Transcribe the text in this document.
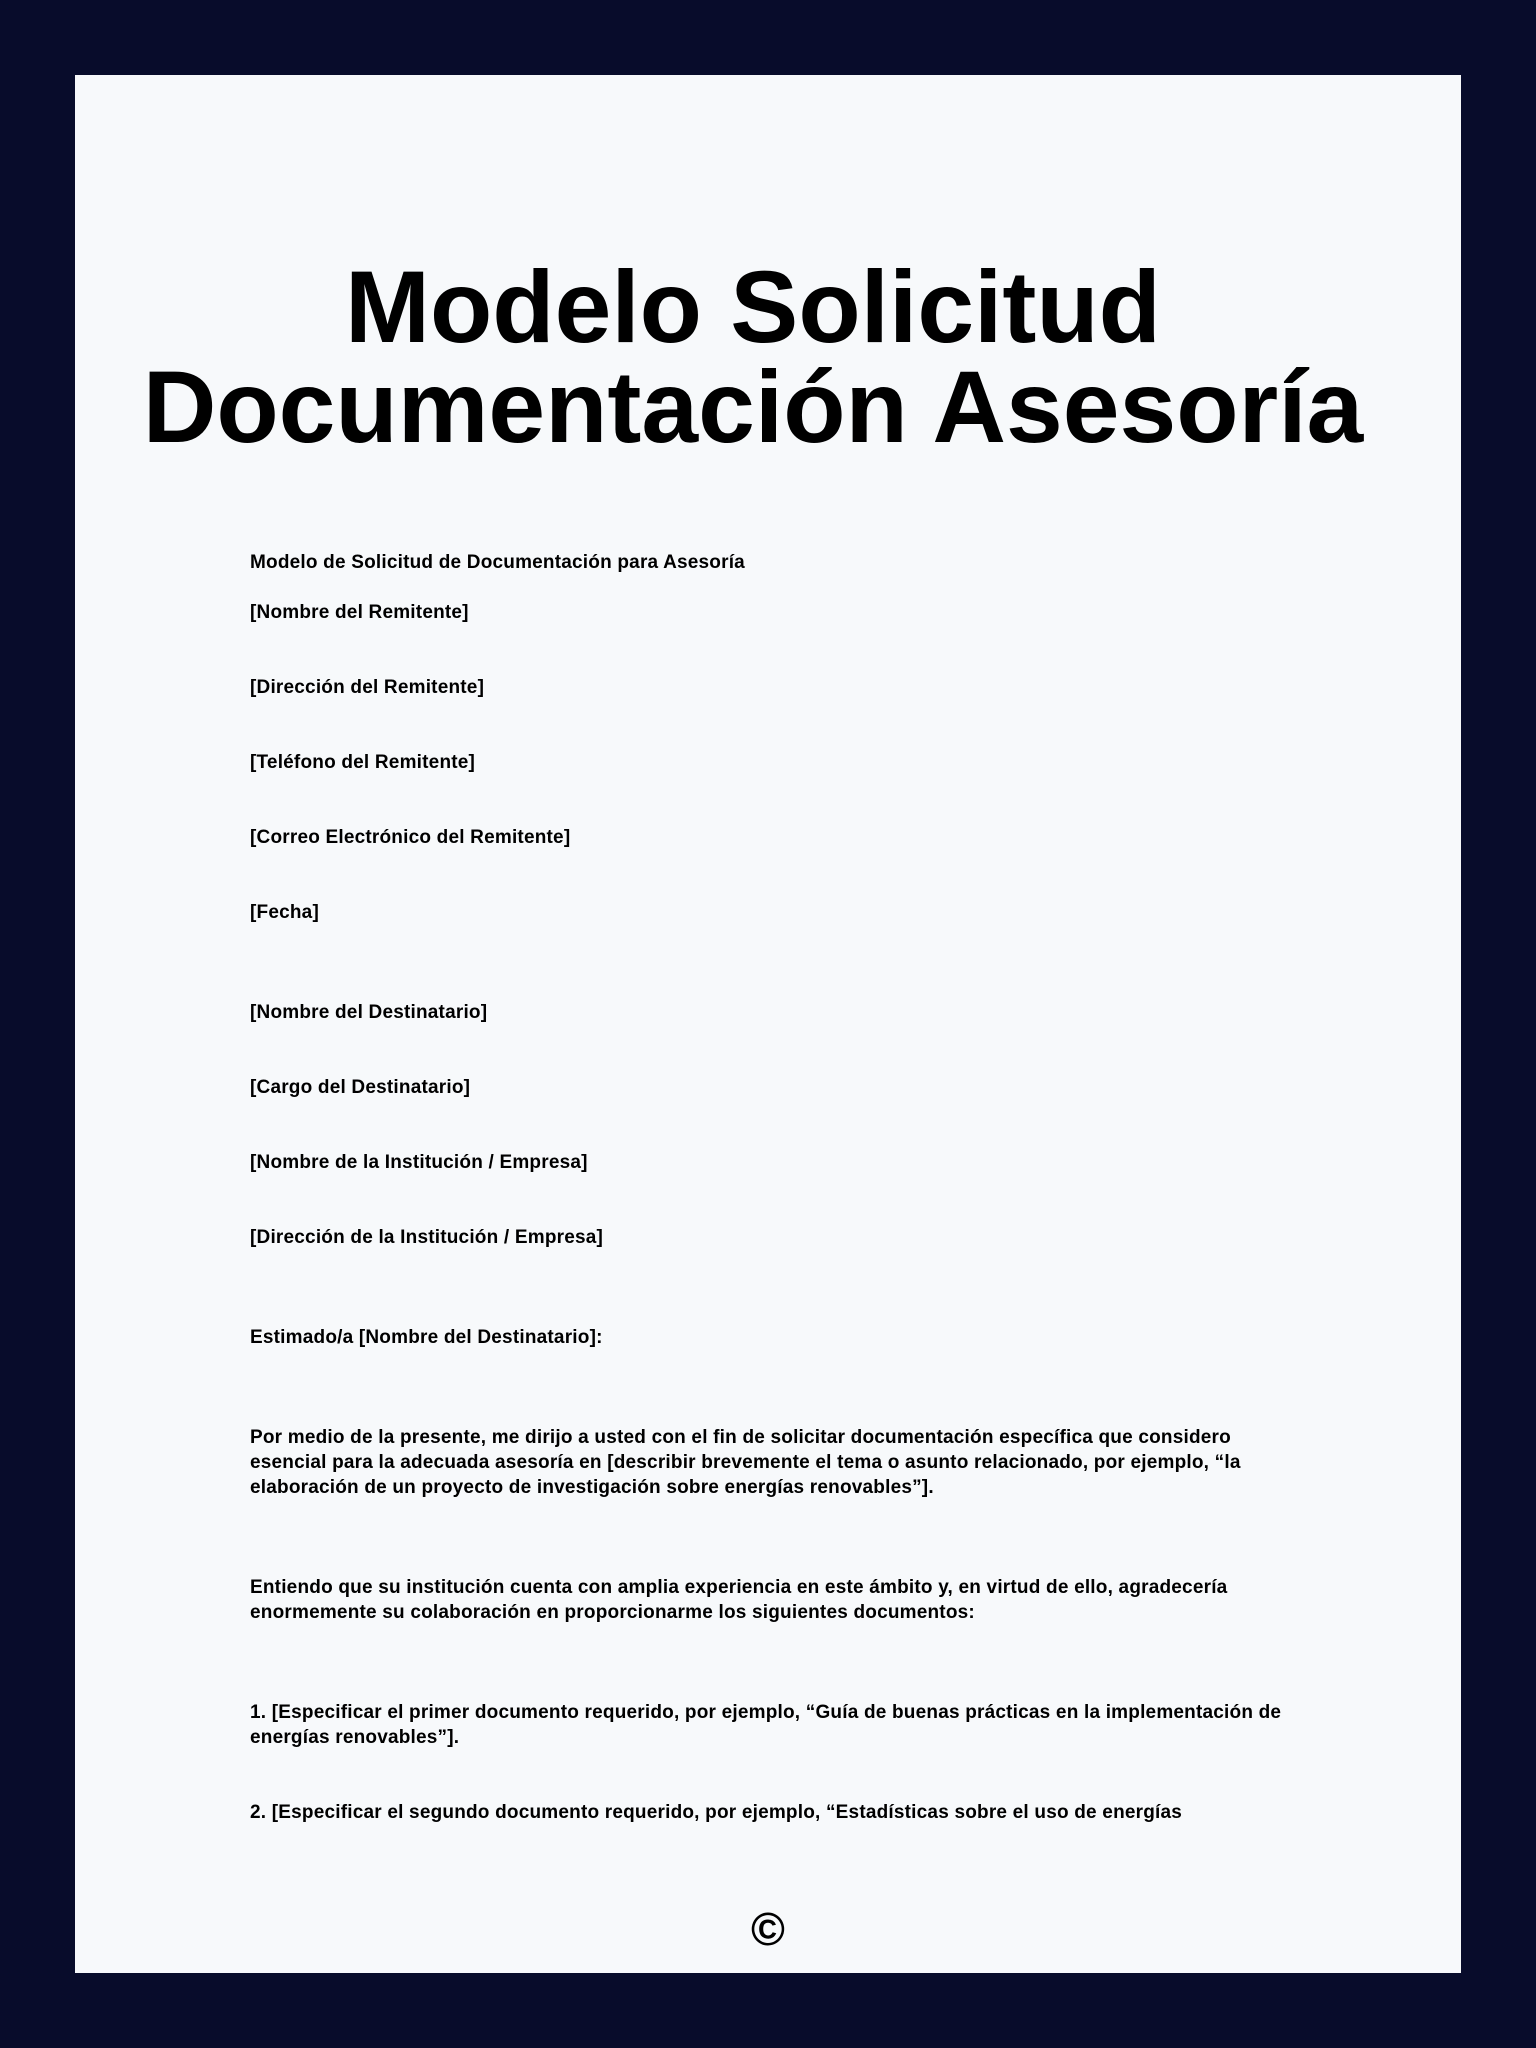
Modelo Solicitud
Documentación Asesoría

Modelo de Solicitud de Documentación para Asesoría

[Nombre del Remitente]

[Dirección del Remitente]

[Teléfono del Remitente]

[Correo Electrónico del Remitente]

[Fecha]

[Nombre del Destinatario]

[Cargo del Destinatario]

[Nombre de la Institución / Empresa]

[Dirección de la Institución / Empresa]

Estimado/a [Nombre del Destinatario]:

Por medio de la presente, me dirijo a usted con el fin de solicitar documentación específica que considero esencial para la adecuada asesoría en [describir brevemente el tema o asunto relacionado, por ejemplo, “la elaboración de un proyecto de investigación sobre energías renovables”].

Entiendo que su institución cuenta con amplia experiencia en este ámbito y, en virtud de ello, agradecería enormemente su colaboración en proporcionarme los siguientes documentos:

1. [Especificar el primer documento requerido, por ejemplo, “Guía de buenas prácticas en la implementación de energías renovables”].

2. [Especificar el segundo documento requerido, por ejemplo, “Estadísticas sobre el uso de energías

©
